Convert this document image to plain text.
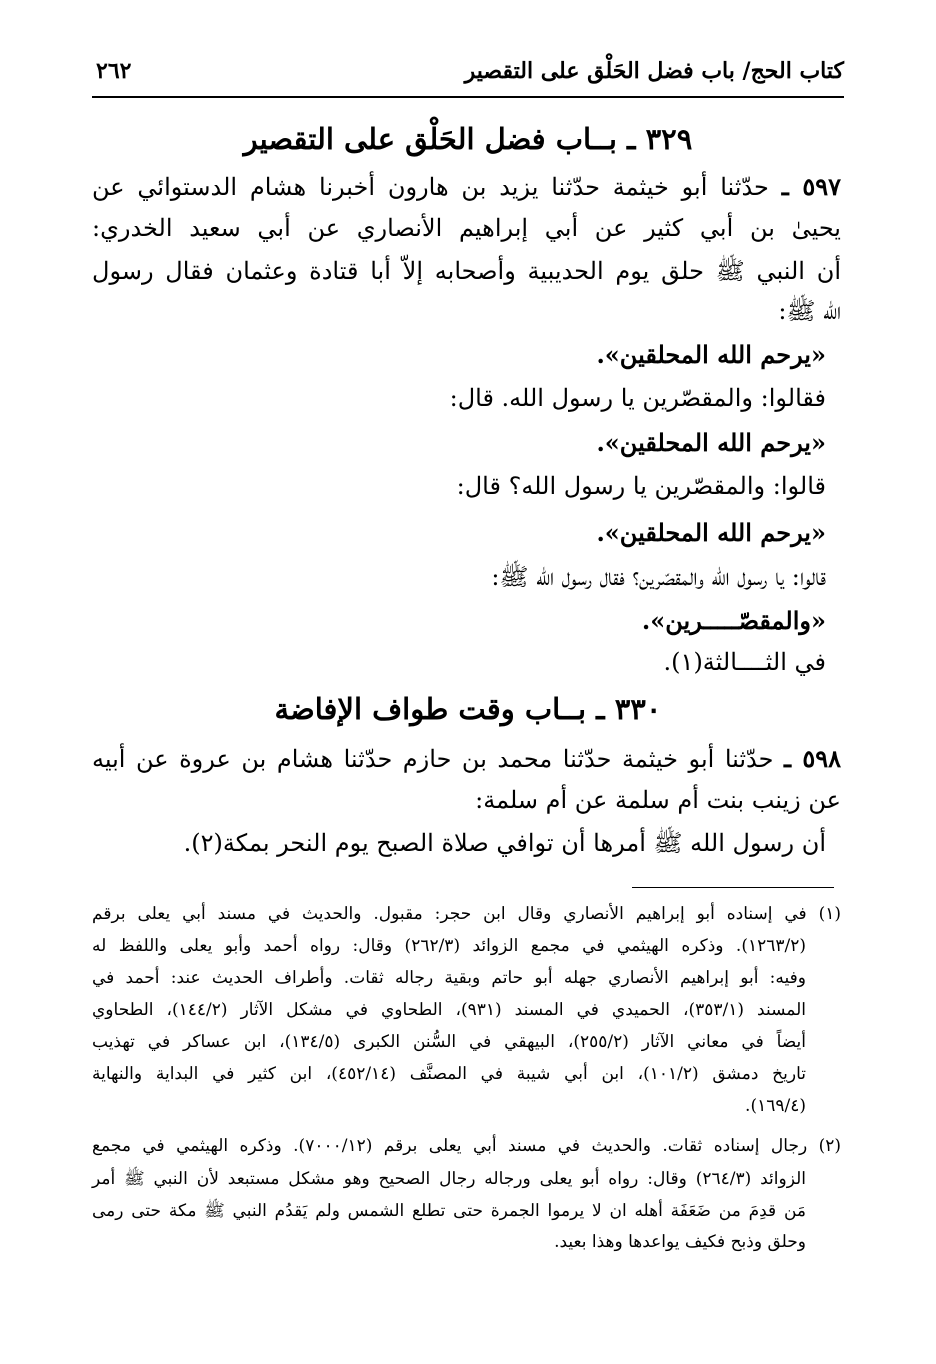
كتاب الحج/ باب فضل الحَلْق على التقصير
٢٦٢
٣٢٩ ـ بــاب فضل الحَلْق على التقصير
٥٩٧ ـ حدّثنا أبو خيثمة حدّثنا يزيد بن هارون أخبرنا هشام الدستوائي عن
يحيىٰ بن أبي كثير عن أبي إبراهيم الأنصاري عن أبي سعيد الخدري:
أن النبي ﷺ حلق يوم الحديبية وأصحابه إلاّ أبا قتادة وعثمان فقال رسول
الله ﷺ:
«يرحم الله المحلقين».
فقالوا: والمقصّرين يا رسول الله. قال:
«يرحم الله المحلقين».
قالوا: والمقصّرين يا رسول الله؟ قال:
«يرحم الله المحلقين».
قالوا: يا رسول الله والمقصّرين؟ فقال رسول الله ﷺ:
«والمقصّـــــرين».
في الثــــالثة(١).
٣٣٠ ـ بــاب وقت طواف الإفاضة
٥٩٨ ـ حدّثنا أبو خيثمة حدّثنا محمد بن حازم حدّثنا هشام بن عروة عن أبيه
عن زينب بنت أم سلمة عن أم سلمة:
أن رسول الله ﷺ أمرها أن توافي صلاة الصبح يوم النحر بمكة(٢).
(١) في إسناده أبو إبراهيم الأنصاري وقال ابن حجر: مقبول. والحديث في مسند أبي يعلى برقم
(١٢٦٣/٢). وذكره الهيثمي في مجمع الزوائد (٢٦٢/٣) وقال: رواه أحمد وأبو يعلى واللفظ له
وفيه: أبو إبراهيم الأنصاري جهله أبو حاتم وبقية رجاله ثقات. وأطراف الحديث عند: أحمد في
المسند (٣٥٣/١)، الحميدي في المسند (٩٣١)، الطحاوي في مشكل الآثار (١٤٤/٢)، الطحاوي
أيضاً في معاني الآثار (٢٥٥/٢)، البيهقي في السُّنن الكبرى (١٣٤/٥)، ابن عساكر في تهذيب
تاريخ دمشق (١٠١/٢)، ابن أبي شيبة في المصنَّف (٤٥٢/١٤)، ابن كثير في البداية والنهاية
(١٦٩/٤).
(٢) رجال إسناده ثقات. والحديث في مسند أبي يعلى برقم (٧٠٠٠/١٢). وذكره الهيثمي في مجمع
الزوائد (٢٦٤/٣) وقال: رواه أبو يعلى ورجاله رجال الصحيح وهو مشكل مستبعد لأن النبي ﷺ أمر
مَن قدِمَ من ضَعَفَة أهله ان لا يرموا الجمرة حتى تطلع الشمس ولم يَقدُم النبي ﷺ مكة حتى رمى
وحلق وذبح فكيف يواعدها وهذا بعيد.
